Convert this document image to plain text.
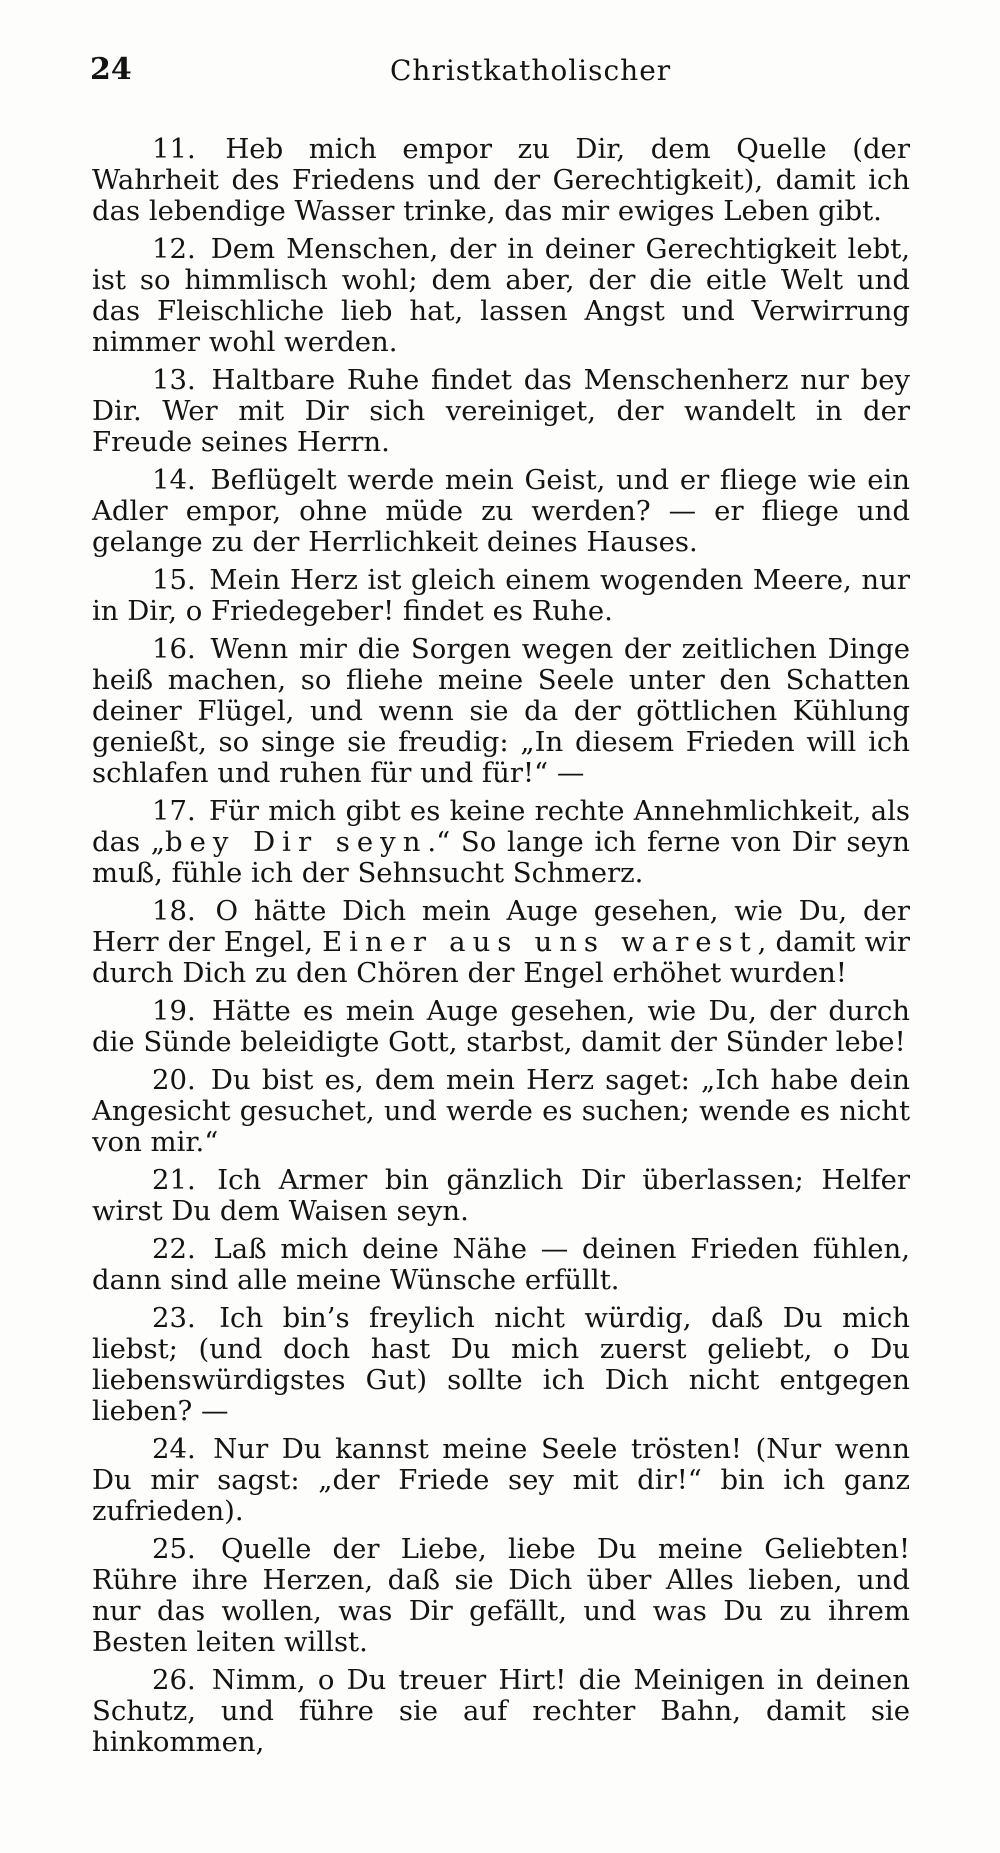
24	Christkatholischer

11. Heb mich empor zu Dir, dem Quelle (der Wahrheit des Friedens und der Gerechtigkeit), damit ich das lebendige Wasser trinke, das mir ewiges Leben gibt.

12. Dem Menschen, der in deiner Gerechtigkeit lebt, ist so himmlisch wohl; dem aber, der die eitle Welt und das Fleischliche lieb hat, lassen Angst und Verwirrung nimmer wohl werden.

13. Haltbare Ruhe findet das Menschenherz nur bey Dir. Wer mit Dir sich vereiniget, der wandelt in der Freude seines Herrn.

14. Beflügelt werde mein Geist, und er fliege wie ein Adler empor, ohne müde zu werden? — er fliege und gelange zu der Herrlichkeit deines Hauses.

15. Mein Herz ist gleich einem wogenden Meere, nur in Dir, o Friedegeber! findet es Ruhe.

16. Wenn mir die Sorgen wegen der zeitlichen Dinge heiß machen, so fliehe meine Seele unter den Schatten deiner Flügel, und wenn sie da der göttlichen Kühlung genießt, so singe sie freudig: „In diesem Frieden will ich schlafen und ruhen für und für!“ —

17. Für mich gibt es keine rechte Annehmlichkeit, als das „bey Dir seyn.“ So lange ich ferne von Dir seyn muß, fühle ich der Sehnsucht Schmerz.

18. O hätte Dich mein Auge gesehen, wie Du, der Herr der Engel, Einer aus uns warest, damit wir durch Dich zu den Chören der Engel erhöhet wurden!

19. Hätte es mein Auge gesehen, wie Du, der durch die Sünde beleidigte Gott, starbst, damit der Sünder lebe!

20. Du bist es, dem mein Herz saget: „Ich habe dein Angesicht gesuchet, und werde es suchen; wende es nicht von mir.“

21. Ich Armer bin gänzlich Dir überlassen; Helfer wirst Du dem Waisen seyn.

22. Laß mich deine Nähe — deinen Frieden fühlen, dann sind alle meine Wünsche erfüllt.

23. Ich bin’s freylich nicht würdig, daß Du mich liebst; (und doch hast Du mich zuerst geliebt, o Du liebenswürdigstes Gut) sollte ich Dich nicht entgegen lieben? —

24. Nur Du kannst meine Seele trösten! (Nur wenn Du mir sagst: „der Friede sey mit dir!“ bin ich ganz zufrieden).

25. Quelle der Liebe, liebe Du meine Geliebten! Rühre ihre Herzen, daß sie Dich über Alles lieben, und nur das wollen, was Dir gefällt, und was Du zu ihrem Besten leiten willst.

26. Nimm, o Du treuer Hirt! die Meinigen in deinen Schutz, und führe sie auf rechter Bahn, damit sie hinkommen,
